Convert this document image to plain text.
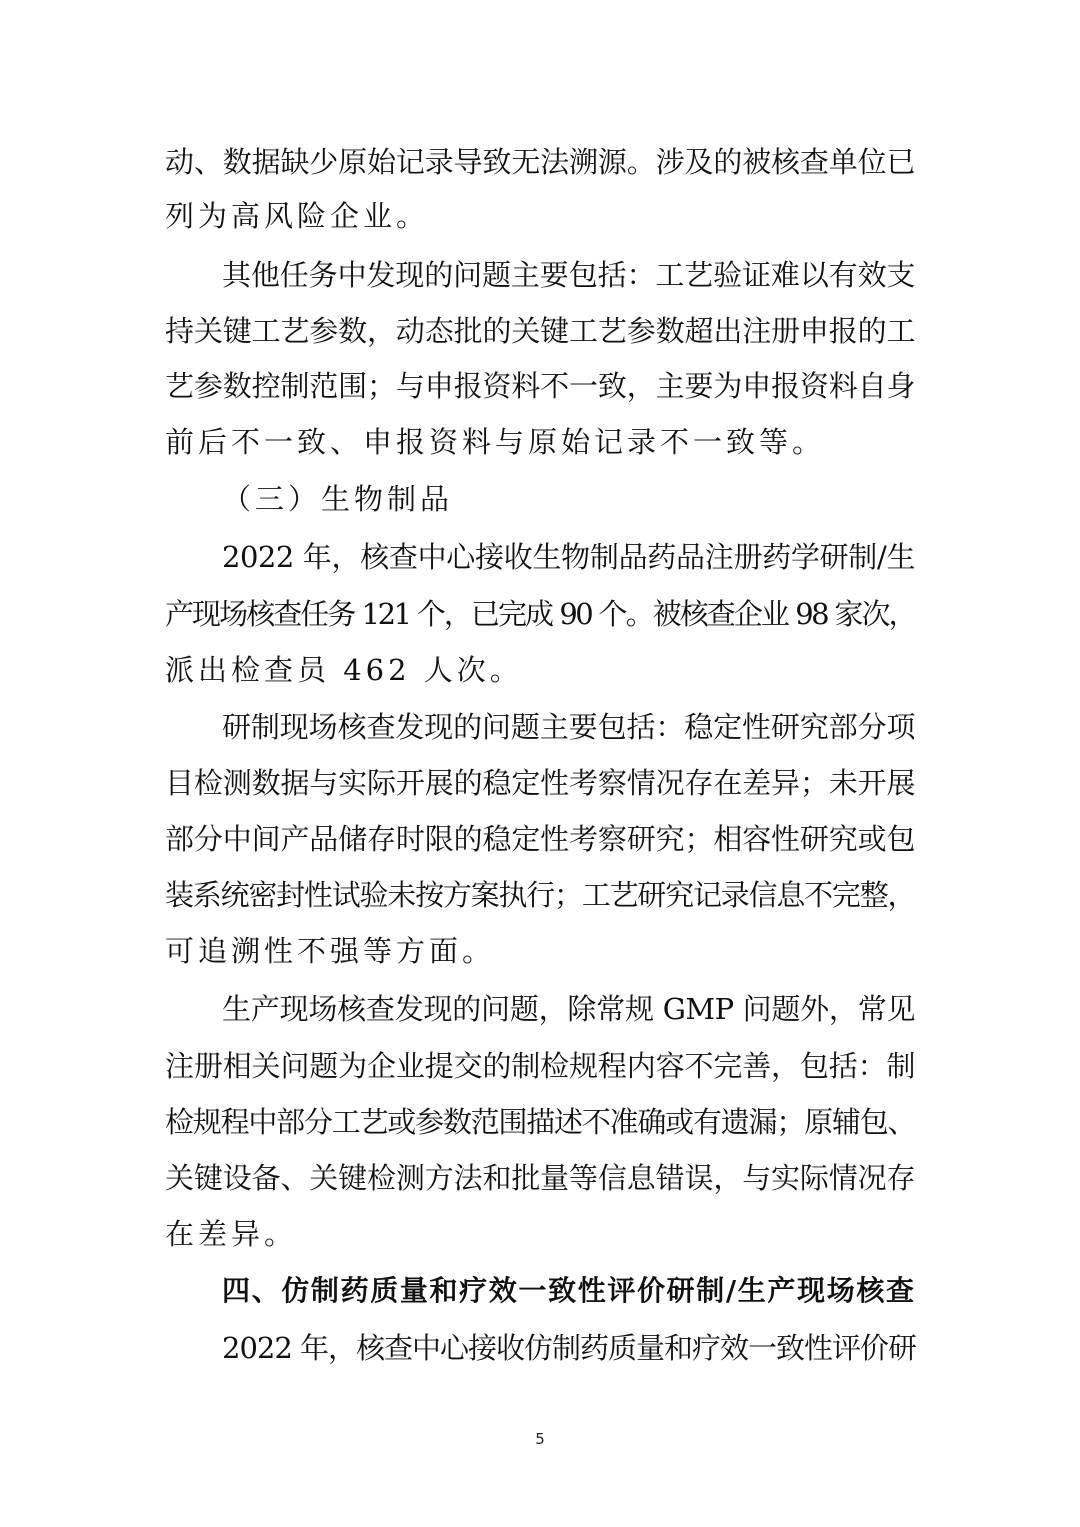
动、数据缺少原始记录导致无法溯源。涉及的被核查单位已
列为高风险企业。
其他任务中发现的问题主要包括：工艺验证难以有效支
持关键工艺参数，动态批的关键工艺参数超出注册申报的工
艺参数控制范围；与申报资料不一致，主要为申报资料自身
前后不一致、申报资料与原始记录不一致等。
（三）生物制品
2022 年，核查中心接收生物制品药品注册药学研制/生
产现场核查任务 121 个，已完成 90 个。被核查企业 98 家次，
派出检查员 462 人次。
研制现场核查发现的问题主要包括：稳定性研究部分项
目检测数据与实际开展的稳定性考察情况存在差异；未开展
部分中间产品储存时限的稳定性考察研究；相容性研究或包
装系统密封性试验未按方案执行；工艺研究记录信息不完整，
可追溯性不强等方面。
生产现场核查发现的问题，除常规 GMP 问题外，常见
注册相关问题为企业提交的制检规程内容不完善，包括：制
检规程中部分工艺或参数范围描述不准确或有遗漏；原辅包、
关键设备、关键检测方法和批量等信息错误，与实际情况存
在差异。
四、仿制药质量和疗效一致性评价研制/生产现场核查
2022 年，核查中心接收仿制药质量和疗效一致性评价研
5
